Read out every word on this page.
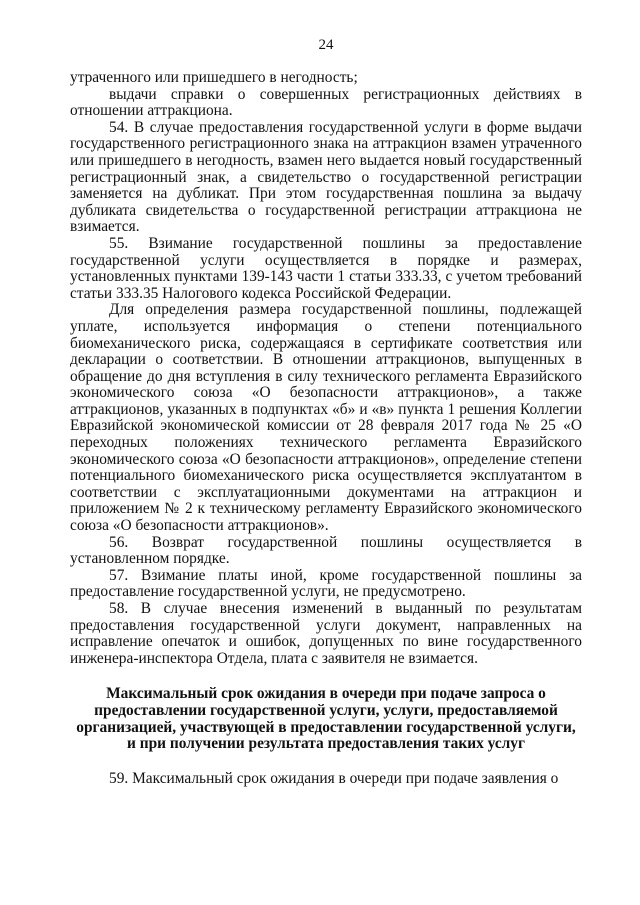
24

утраченного или пришедшего в негодность;

выдачи справки о совершенных регистрационных действиях в отношении аттракциона.

54. В случае предоставления государственной услуги в форме выдачи государственного регистрационного знака на аттракцион взамен утраченного или пришедшего в негодность, взамен него выдается новый государственный регистрационный знак, а свидетельство о государственной регистрации заменяется на дубликат. При этом государственная пошлина за выдачу дубликата свидетельства о государственной регистрации аттракциона не взимается.

55. Взимание государственной пошлины за предоставление государственной услуги осуществляется в порядке и размерах, установленных пунктами 139-143 части 1 статьи 333.33, с учетом требований статьи 333.35 Налогового кодекса Российской Федерации.

Для определения размера государственной пошлины, подлежащей уплате, используется информация о степени потенциального биомеханического риска, содержащаяся в сертификате соответствия или декларации о соответствии. В отношении аттракционов, выпущенных в обращение до дня вступления в силу технического регламента Евразийского экономического союза «О безопасности аттракционов», а также аттракционов, указанных в подпунктах «б» и «в» пункта 1 решения Коллегии Евразийской экономической комиссии от 28 февраля 2017 года № 25 «О переходных положениях технического регламента Евразийского экономического союза «О безопасности аттракционов», определение степени потенциального биомеханического риска осуществляется эксплуатантом в соответствии с эксплуатационными документами на аттракцион и приложением № 2 к техническому регламенту Евразийского экономического союза «О безопасности аттракционов».

56. Возврат государственной пошлины осуществляется в установленном порядке.

57. Взимание платы иной, кроме государственной пошлины за предоставление государственной услуги, не предусмотрено.

58. В случае внесения изменений в выданный по результатам предоставления государственной услуги документ, направленных на исправление опечаток и ошибок, допущенных по вине государственного инженера-инспектора Отдела, плата с заявителя не взимается.

Максимальный срок ожидания в очереди при подаче запроса о предоставлении государственной услуги, услуги, предоставляемой организацией, участвующей в предоставлении государственной услуги, и при получении результата предоставления таких услуг

59. Максимальный срок ожидания в очереди при подаче заявления о
